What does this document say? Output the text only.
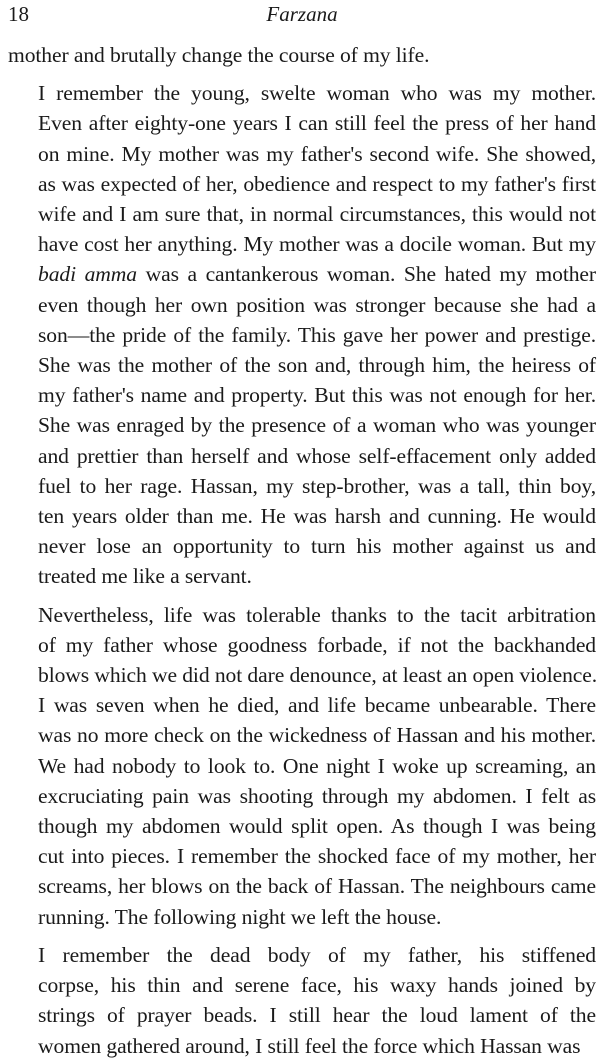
18	Farzana

mother and brutally change the course of my life.

I remember the young, swelte woman who was my mother.
Even after eighty-one years I can still feel the press of her hand
on mine. My mother was my father's second wife. She showed,
as was expected of her, obedience and respect to my father's first
wife and I am sure that, in normal circumstances, this would not
have cost her anything. My mother was a docile woman. But my
badi amma was a cantankerous woman. She hated my mother
even though her own position was stronger because she had a
son—the pride of the family. This gave her power and prestige.
She was the mother of the son and, through him, the heiress of
my father's name and property. But this was not enough for her.
She was enraged by the presence of a woman who was younger
and prettier than herself and whose self-effacement only added
fuel to her rage. Hassan, my step-brother, was a tall, thin boy,
ten years older than me. He was harsh and cunning. He would
never lose an opportunity to turn his mother against us and
treated me like a servant.

Nevertheless, life was tolerable thanks to the tacit arbitration
of my father whose goodness forbade, if not the backhanded
blows which we did not dare denounce, at least an open violence.
I was seven when he died, and life became unbearable. There
was no more check on the wickedness of Hassan and his mother.
We had nobody to look to. One night I woke up screaming, an
excruciating pain was shooting through my abdomen. I felt as
though my abdomen would split open. As though I was being
cut into pieces. I remember the shocked face of my mother, her
screams, her blows on the back of Hassan. The neighbours came
running. The following night we left the house.

I remember the dead body of my father, his stiffened
corpse, his thin and serene face, his waxy hands joined by
strings of prayer beads. I still hear the loud lament of the
women gathered around, I still feel the force which Hassan was
